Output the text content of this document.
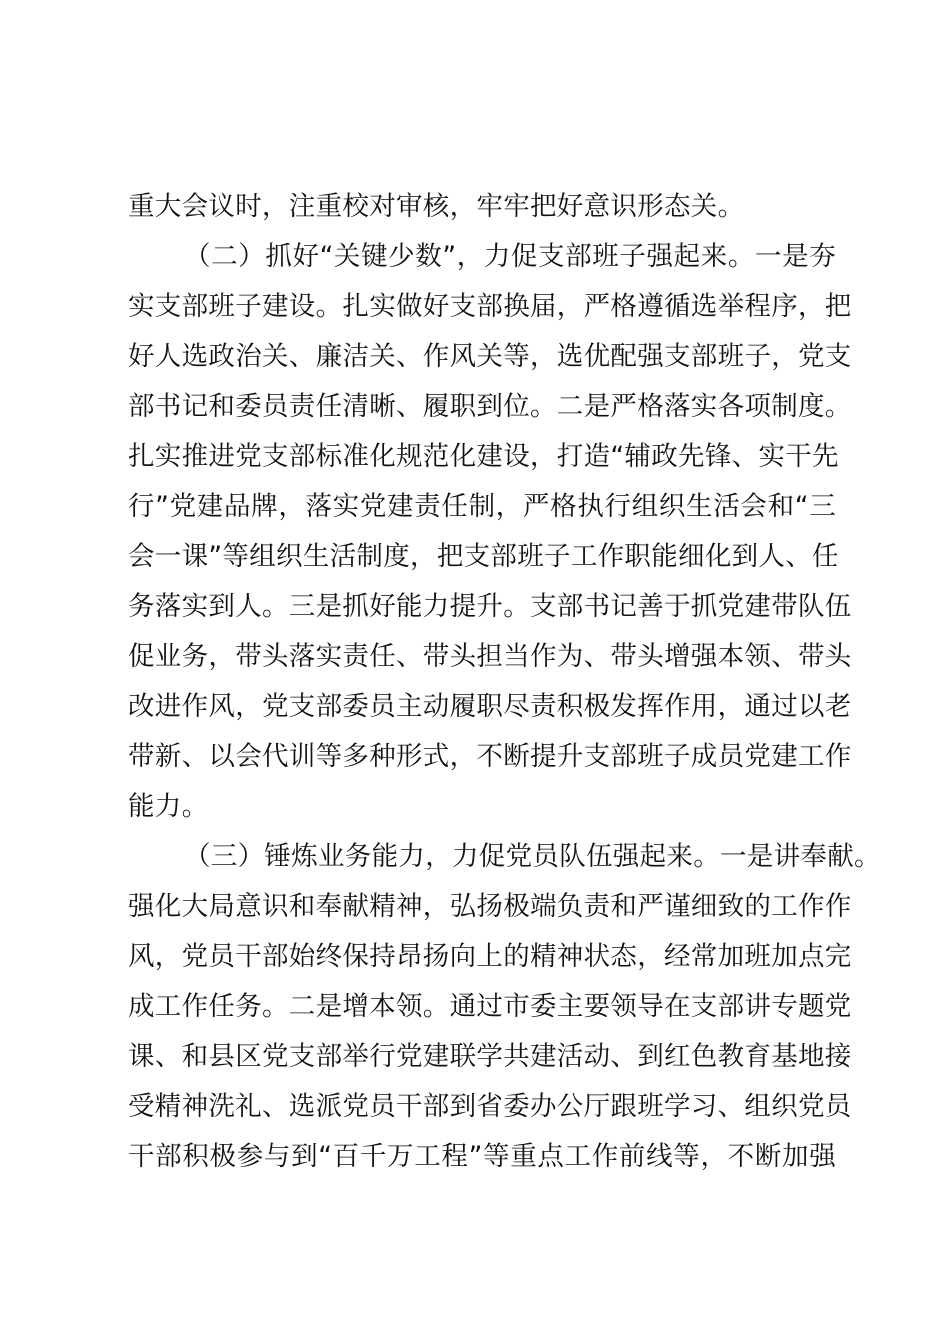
重大会议时，注重校对审核，牢牢把好意识形态关。
（二）抓好“关键少数”，力促支部班子强起来。一是夯
实支部班子建设。扎实做好支部换届，严格遵循选举程序，把
好人选政治关、廉洁关、作风关等，选优配强支部班子，党支
部书记和委员责任清晰、履职到位。二是严格落实各项制度。
扎实推进党支部标准化规范化建设，打造“辅政先锋、实干先
行”党建品牌，落实党建责任制，严格执行组织生活会和“三
会一课”等组织生活制度，把支部班子工作职能细化到人、任
务落实到人。三是抓好能力提升。支部书记善于抓党建带队伍
促业务，带头落实责任、带头担当作为、带头增强本领、带头
改进作风，党支部委员主动履职尽责积极发挥作用，通过以老
带新、以会代训等多种形式，不断提升支部班子成员党建工作
能力。
（三）锤炼业务能力，力促党员队伍强起来。一是讲奉献。
强化大局意识和奉献精神，弘扬极端负责和严谨细致的工作作
风，党员干部始终保持昂扬向上的精神状态，经常加班加点完
成工作任务。二是增本领。通过市委主要领导在支部讲专题党
课、和县区党支部举行党建联学共建活动、到红色教育基地接
受精神洗礼、选派党员干部到省委办公厅跟班学习、组织党员
干部积极参与到“百千万工程”等重点工作前线等，不断加强
